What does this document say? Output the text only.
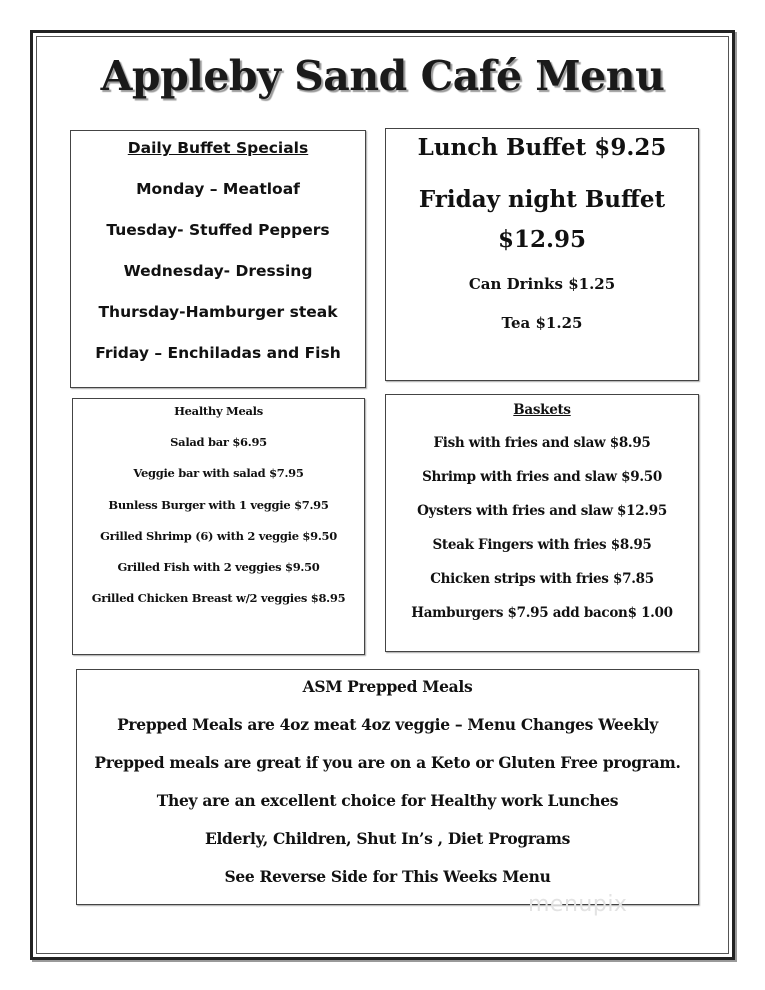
Appleby Sand Café Menu
Daily Buffet Specials
Monday – Meatloaf
Tuesday- Stuffed Peppers
Wednesday- Dressing
Thursday-Hamburger steak
Friday – Enchiladas and Fish
Lunch Buffet $9.25
Friday night Buffet
$12.95
Can Drinks $1.25
Tea $1.25
Healthy Meals
Salad bar $6.95
Veggie bar with salad $7.95
Bunless Burger with 1 veggie $7.95
Grilled Shrimp (6) with 2 veggie $9.50
Grilled Fish with 2 veggies $9.50
Grilled Chicken Breast w/2 veggies $8.95
Baskets
Fish with fries and slaw $8.95
Shrimp with fries and slaw $9.50
Oysters with fries and slaw $12.95
Steak Fingers with fries $8.95
Chicken strips with fries $7.85
Hamburgers $7.95 add bacon$ 1.00
ASM Prepped Meals
Prepped Meals are 4oz meat 4oz veggie – Menu Changes Weekly
Prepped meals are great if you are on a Keto or Gluten Free program.
They are an excellent choice for Healthy work Lunches
Elderly, Children, Shut In’s , Diet Programs
See Reverse Side for This Weeks Menu
menupix
